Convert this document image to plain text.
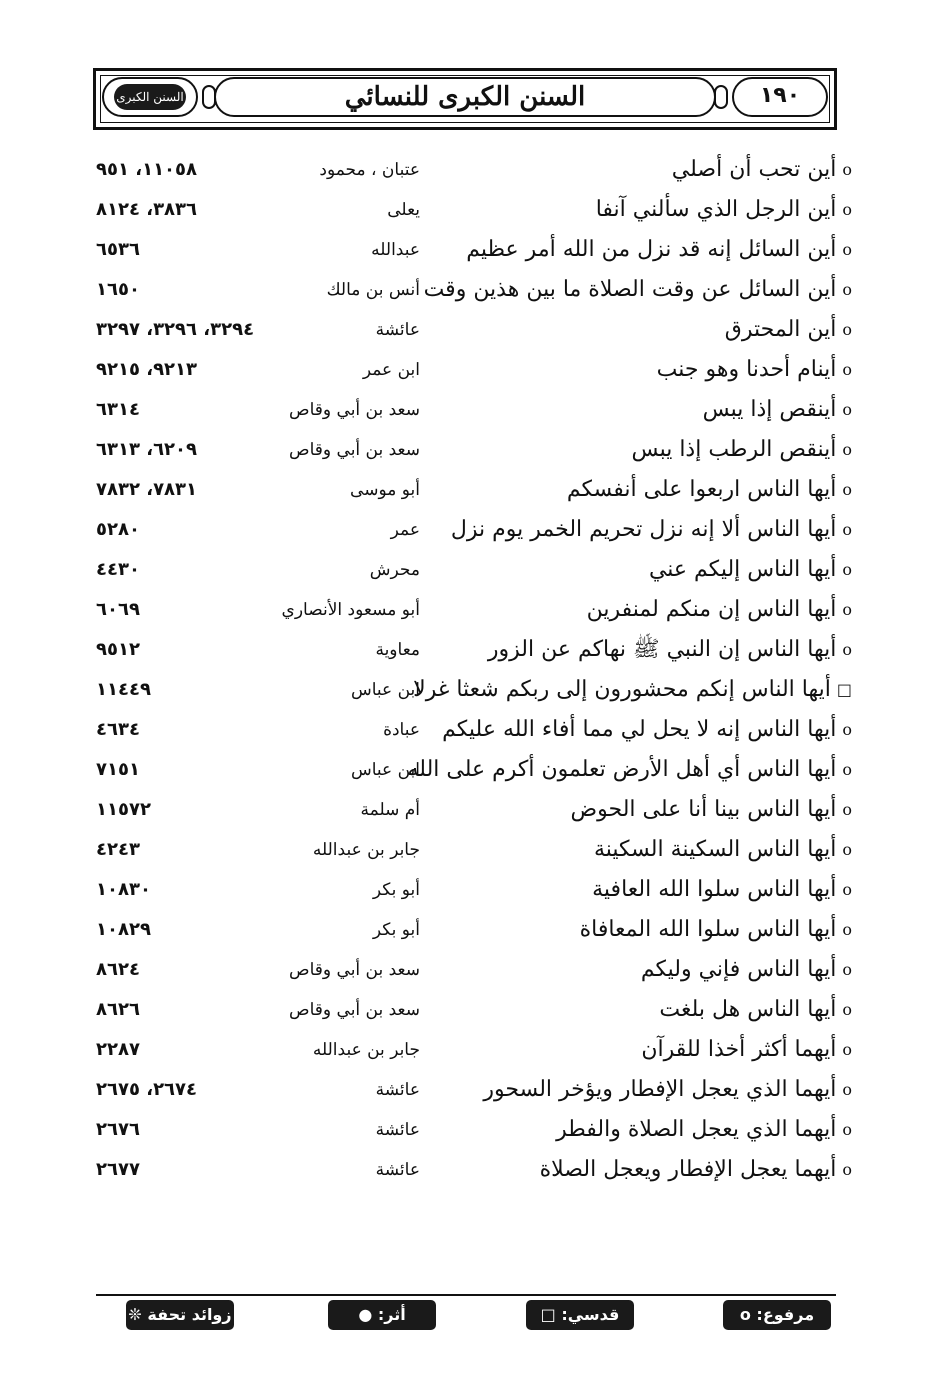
السنن الكبرى	السنن الكبرى للنسائي	١٩٠
oأين تحب أن أصلي
عتبان ، محمود
١١٠٥٨، ٩٥١
oأين الرجل الذي سألني آنفا
يعلى
٣٨٣٦، ٨١٢٤
oأين السائل إنه قد نزل من الله أمر عظيم
عبدالله
٦٥٣٦
oأين السائل عن وقت الصلاة ما بين هذين وقت
أنس بن مالك
١٦٥٠
oأين المحترق
عائشة
٣٢٩٤، ٣٢٩٦، ٣٢٩٧
oأينام أحدنا وهو جنب
ابن عمر
٩٢١٣، ٩٢١٥
oأينقص إذا يبس
سعد بن أبي وقاص
٦٣١٤
oأينقص الرطب إذا يبس
سعد بن أبي وقاص
٦٢٠٩، ٦٣١٣
oأيها الناس اربعوا على أنفسكم
أبو موسى
٧٨٣١، ٧٨٣٢
oأيها الناس ألا إنه نزل تحريم الخمر يوم نزل
عمر
٥٢٨٠
oأيها الناس إليكم عني
محرش
٤٤٣٠
oأيها الناس إن منكم لمنفرين
أبو مسعود الأنصاري
٦٠٦٩
oأيها الناس إن النبي ﷺ نهاكم عن الزور
معاوية
٩٥١٢
□أيها الناس إنكم محشورون إلى ربكم شعثا غرلا
ابن عباس
١١٤٤٩
oأيها الناس إنه لا يحل لي مما أفاء الله عليكم
عبادة
٤٦٣٤
oأيها الناس أي أهل الأرض تعلمون أكرم على الله
ابن عباس
٧١٥١
oأيها الناس بينا أنا على الحوض
أم سلمة
١١٥٧٢
oأيها الناس السكينة السكينة
جابر بن عبدالله
٤٢٤٣
oأيها الناس سلوا الله العافية
أبو بكر
١٠٨٣٠
oأيها الناس سلوا الله المعافاة
أبو بكر
١٠٨٢٩
oأيها الناس فإني وليكم
سعد بن أبي وقاص
٨٦٢٤
oأيها الناس هل بلغت
سعد بن أبي وقاص
٨٦٢٦
oأيهما أكثر أخذا للقرآن
جابر بن عبدالله
٢٢٨٧
oأيهما الذي يعجل الإفطار ويؤخر السحور
عائشة
٢٦٧٤، ٢٦٧٥
oأيهما الذي يعجل الصلاة والفطر
عائشة
٢٦٧٦
oأيهما يعجل الإفطار ويعجل الصلاة
عائشة
٢٦٧٧
مرفوع: o
قدسي: □
أثر: ●
زوائد تحفة ❊
